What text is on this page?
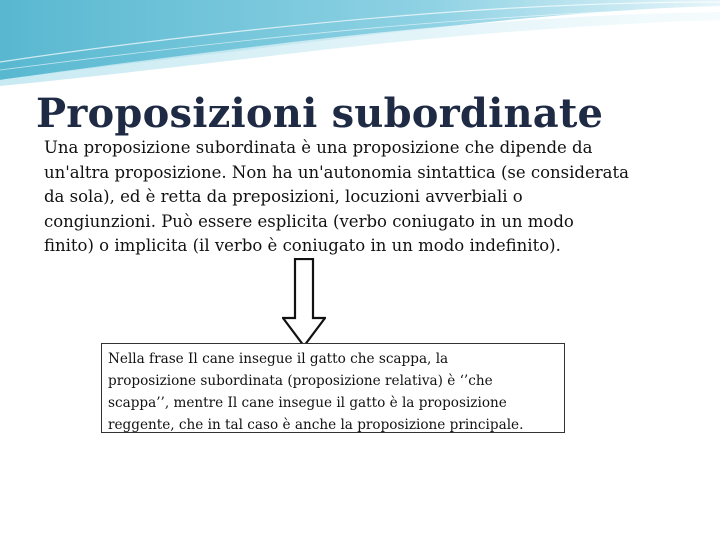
Proposizioni subordinate
Una proposizione subordinata è una proposizione che dipende da
un'altra proposizione. Non ha un'autonomia sintattica (se considerata
da sola), ed è retta da preposizioni, locuzioni avverbiali o
congiunzioni. Può essere esplicita (verbo coniugato in un modo
finito) o implicita (il verbo è coniugato in un modo indefinito).
Nella frase Il cane insegue il gatto che scappa, la
proposizione subordinata (proposizione relativa) è ‘’che
scappa’’, mentre Il cane insegue il gatto è la proposizione
reggente, che in tal caso è anche la proposizione principale.
